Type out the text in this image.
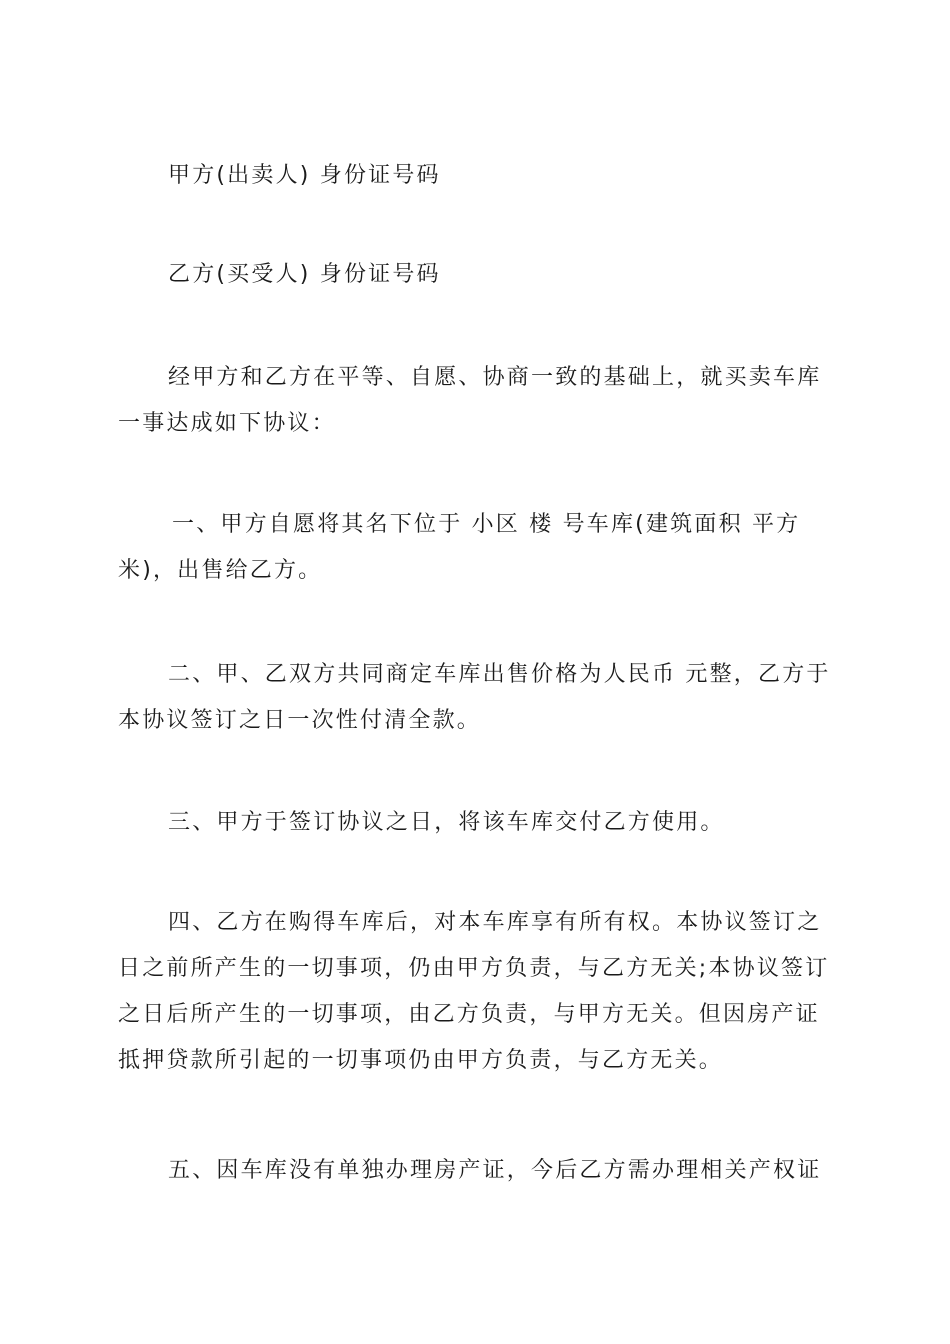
甲方(出卖人) 身份证号码

乙方(买受人) 身份证号码

经甲方和乙方在平等、自愿、协商一致的基础上，就买卖车库一事达成如下协议：

一、甲方自愿将其名下位于 小区 楼 号车库(建筑面积 平方米)，出售给乙方。

二、甲、乙双方共同商定车库出售价格为人民币 元整，乙方于本协议签订之日一次性付清全款。

三、甲方于签订协议之日，将该车库交付乙方使用。

四、乙方在购得车库后，对本车库享有所有权。本协议签订之日之前所产生的一切事项，仍由甲方负责，与乙方无关;本协议签订之日后所产生的一切事项，由乙方负责，与甲方无关。但因房产证抵押贷款所引起的一切事项仍由甲方负责，与乙方无关。

五、因车库没有单独办理房产证，今后乙方需办理相关产权证
